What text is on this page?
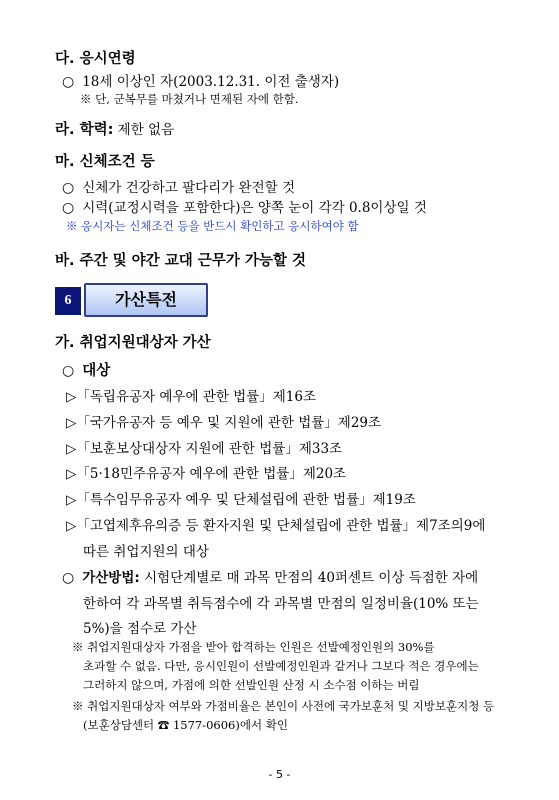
다. 응시연령
○ 18세 이상인 자(2003.12.31. 이전 출생자)
※ 단, 군복무를 마쳤거나 면제된 자에 한함.
라. 학력: 제한 없음
마. 신체조건 등
○ 신체가 건강하고 팔다리가 완전할 것
○ 시력(교정시력을 포함한다)은 양쪽 눈이 각각 0.8이상일 것
※ 응시자는 신체조건 등을 반드시 확인하고 응시하여야 함
바. 주간 및 야간 교대 근무가 가능할 것
6	가산특전
가. 취업지원대상자 가산
○ 대상
▷「독립유공자 예우에 관한 법률」제16조
▷「국가유공자 등 예우 및 지원에 관한 법률」제29조
▷「보훈보상대상자 지원에 관한 법률」제33조
▷「5·18민주유공자 예우에 관한 법률」제20조
▷「특수임무유공자 예우 및 단체설립에 관한 법률」제19조
▷「고엽제후유의증 등 환자지원 및 단체설립에 관한 법률」제7조의9에
따른 취업지원의 대상
○ 가산방법: 시험단계별로 매 과목 만점의 40퍼센트 이상 득점한 자에
한하여 각 과목별 취득점수에 각 과목별 만점의 일정비율(10% 또는
5%)을 점수로 가산
※ 취업지원대상자 가점을 받아 합격하는 인원은 선발예정인원의 30%를
초과할 수 없음. 다만, 응시인원이 선발예정인원과 같거나 그보다 적은 경우에는
그러하지 않으며, 가점에 의한 선발인원 산정 시 소수점 이하는 버림
※ 취업지원대상자 여부와 가점비율은 본인이 사전에 국가보훈처 및 지방보훈지청 등
(보훈상담센터 ☎ 1577-0606)에서 확인
- 5 -
